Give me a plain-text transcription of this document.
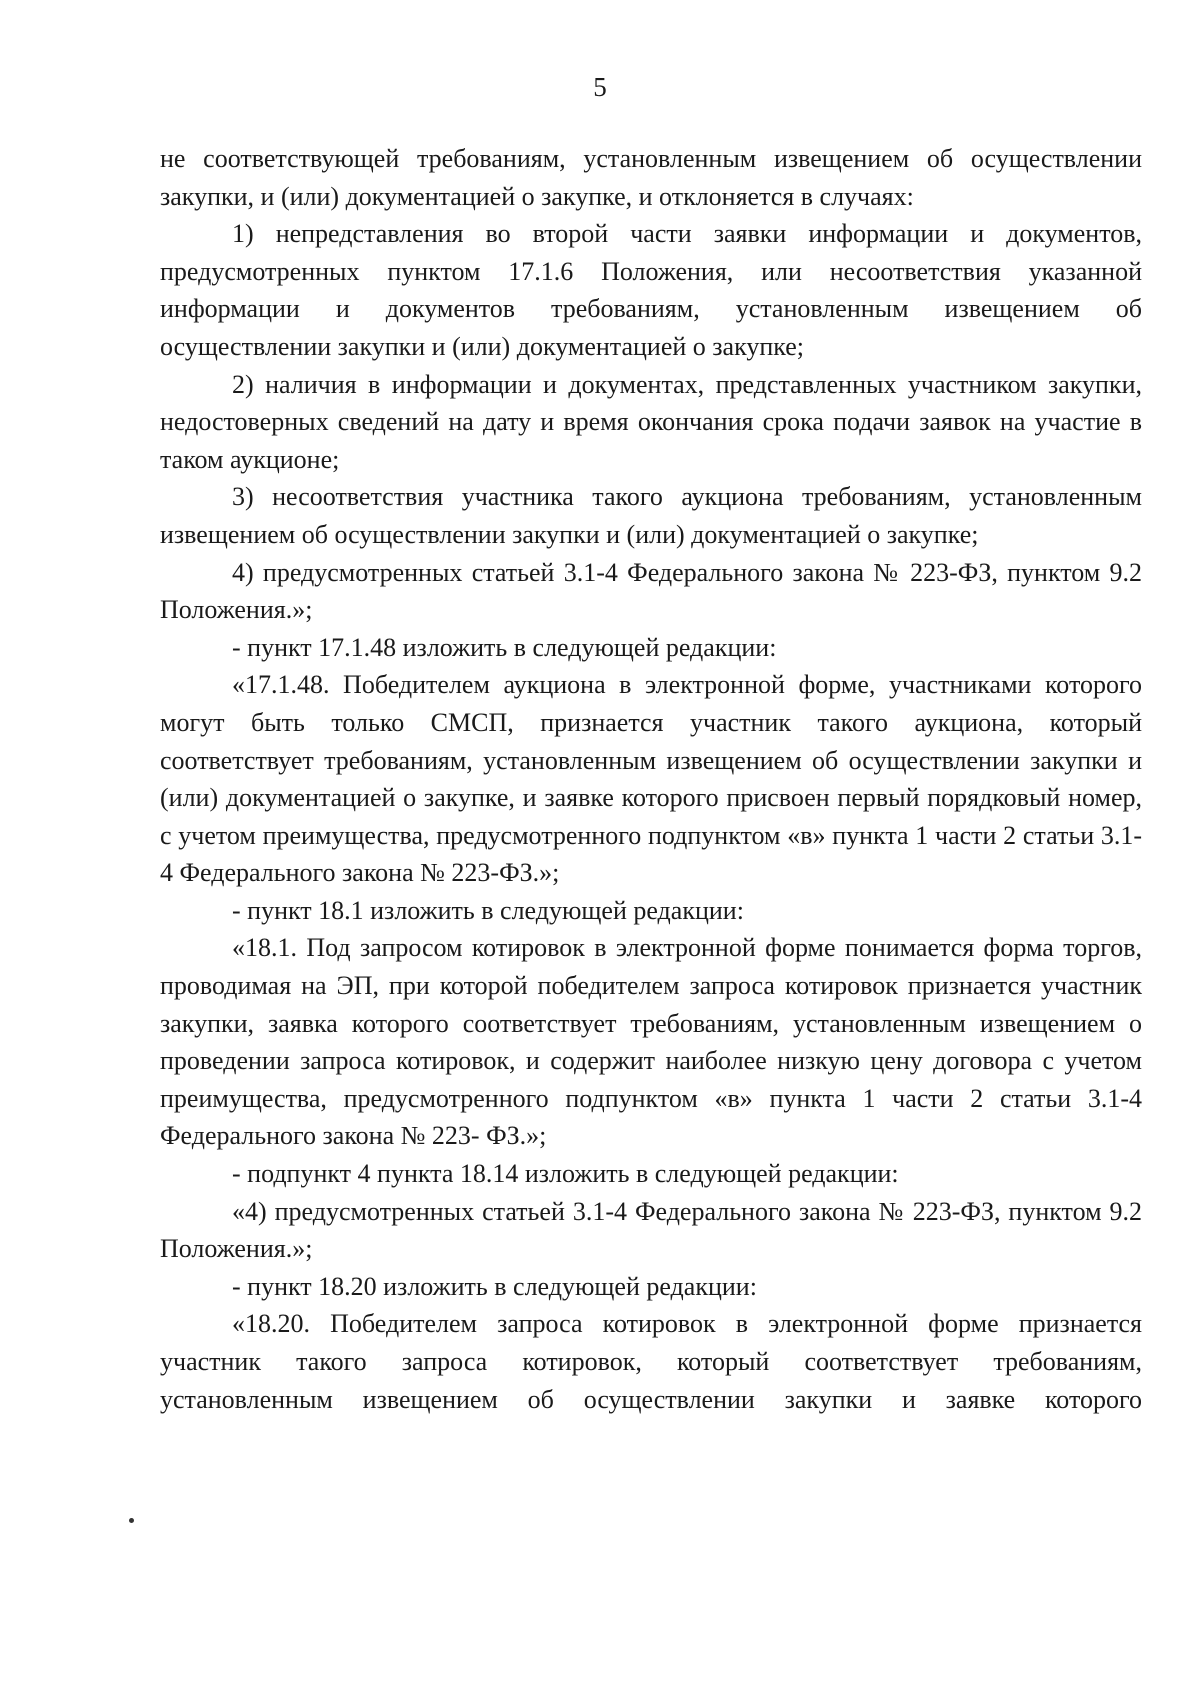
5

не соответствующей требованиям, установленным извещением об осуществлении закупки, и (или) документацией о закупке, и отклоняется в случаях:

1) непредставления во второй части заявки информации и документов, предусмотренных пунктом 17.1.6 Положения, или несоответствия указанной информации и документов требованиям, установленным извещением об осуществлении закупки и (или) документацией о закупке;

2) наличия в информации и документах, представленных участником закупки, недостоверных сведений на дату и время окончания срока подачи заявок на участие в таком аукционе;

3) несоответствия участника такого аукциона требованиям, установленным извещением об осуществлении закупки и (или) документацией о закупке;

4) предусмотренных статьей 3.1-4 Федерального закона № 223-ФЗ, пунктом 9.2 Положения.»;

- пункт 17.1.48 изложить в следующей редакции:

«17.1.48. Победителем аукциона в электронной форме, участниками которого могут быть только СМСП, признается участник такого аукциона, который соответствует требованиям, установленным извещением об осуществлении закупки и (или) документацией о закупке, и заявке которого присвоен первый порядковый номер, с учетом преимущества, предусмотренного подпунктом «в» пункта 1 части 2 статьи 3.1-4 Федерального закона № 223-ФЗ.»;

- пункт 18.1 изложить в следующей редакции:

«18.1. Под запросом котировок в электронной форме понимается форма торгов, проводимая на ЭП, при которой победителем запроса котировок признается участник закупки, заявка которого соответствует требованиям, установленным извещением о проведении запроса котировок, и содержит наиболее низкую цену договора с учетом преимущества, предусмотренного подпунктом «в» пункта 1 части 2 статьи 3.1-4 Федерального закона № 223- ФЗ.»;

- подпункт 4 пункта 18.14 изложить в следующей редакции:

«4) предусмотренных статьей 3.1-4 Федерального закона № 223-ФЗ, пунктом 9.2 Положения.»;

- пункт 18.20 изложить в следующей редакции:

«18.20. Победителем запроса котировок в электронной форме признается участник такого запроса котировок, который соответствует требованиям, установленным извещением об осуществлении закупки и заявке которого
